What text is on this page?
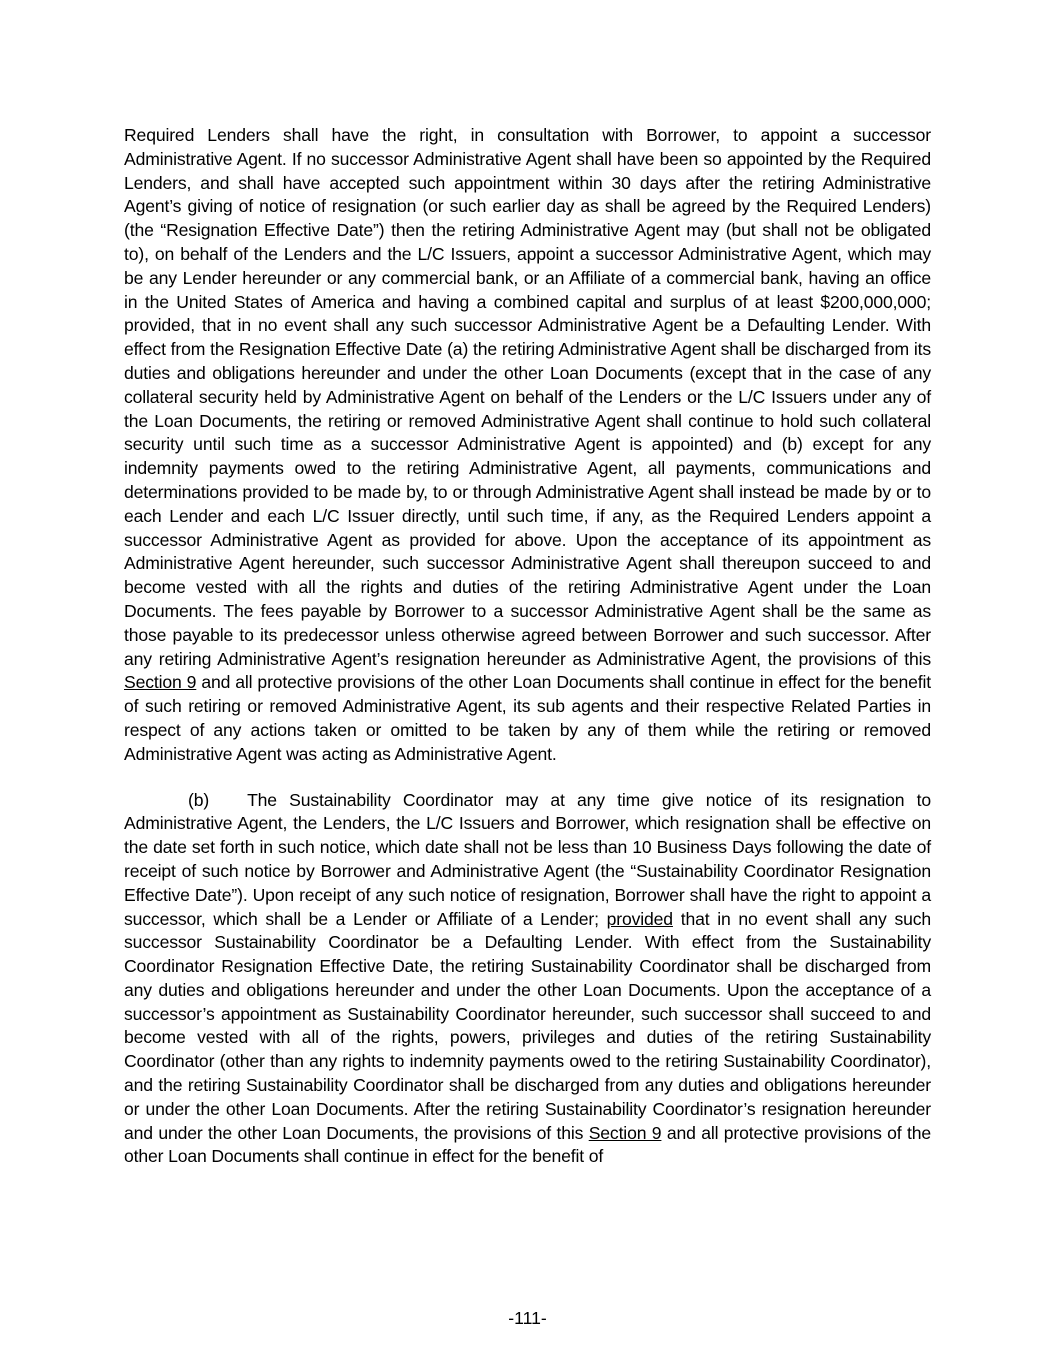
Required Lenders shall have the right, in consultation with Borrower, to appoint a successor Administrative Agent. If no successor Administrative Agent shall have been so appointed by the Required Lenders, and shall have accepted such appointment within 30 days after the retiring Administrative Agent’s giving of notice of resignation (or such earlier day as shall be agreed by the Required Lenders) (the “Resignation Effective Date”) then the retiring Administrative Agent may (but shall not be obligated to), on behalf of the Lenders and the L/C Issuers, appoint a successor Administrative Agent, which may be any Lender hereunder or any commercial bank, or an Affiliate of a commercial bank, having an office in the United States of America and having a combined capital and surplus of at least $200,000,000; provided, that in no event shall any such successor Administrative Agent be a Defaulting Lender. With effect from the Resignation Effective Date (a) the retiring Administrative Agent shall be discharged from its duties and obligations hereunder and under the other Loan Documents (except that in the case of any collateral security held by Administrative Agent on behalf of the Lenders or the L/C Issuers under any of the Loan Documents, the retiring or removed Administrative Agent shall continue to hold such collateral security until such time as a successor Administrative Agent is appointed) and (b) except for any indemnity payments owed to the retiring Administrative Agent, all payments, communications and determinations provided to be made by, to or through Administrative Agent shall instead be made by or to each Lender and each L/C Issuer directly, until such time, if any, as the Required Lenders appoint a successor Administrative Agent as provided for above. Upon the acceptance of its appointment as Administrative Agent hereunder, such successor Administrative Agent shall thereupon succeed to and become vested with all the rights and duties of the retiring Administrative Agent under the Loan Documents. The fees payable by Borrower to a successor Administrative Agent shall be the same as those payable to its predecessor unless otherwise agreed between Borrower and such successor. After any retiring Administrative Agent’s resignation hereunder as Administrative Agent, the provisions of this Section 9 and all protective provisions of the other Loan Documents shall continue in effect for the benefit of such retiring or removed Administrative Agent, its sub agents and their respective Related Parties in respect of any actions taken or omitted to be taken by any of them while the retiring or removed Administrative Agent was acting as Administrative Agent.

(b) The Sustainability Coordinator may at any time give notice of its resignation to Administrative Agent, the Lenders, the L/C Issuers and Borrower, which resignation shall be effective on the date set forth in such notice, which date shall not be less than 10 Business Days following the date of receipt of such notice by Borrower and Administrative Agent (the “Sustainability Coordinator Resignation Effective Date”). Upon receipt of any such notice of resignation, Borrower shall have the right to appoint a successor, which shall be a Lender or Affiliate of a Lender; provided that in no event shall any such successor Sustainability Coordinator be a Defaulting Lender. With effect from the Sustainability Coordinator Resignation Effective Date, the retiring Sustainability Coordinator shall be discharged from any duties and obligations hereunder and under the other Loan Documents. Upon the acceptance of a successor’s appointment as Sustainability Coordinator hereunder, such successor shall succeed to and become vested with all of the rights, powers, privileges and duties of the retiring Sustainability Coordinator (other than any rights to indemnity payments owed to the retiring Sustainability Coordinator), and the retiring Sustainability Coordinator shall be discharged from any duties and obligations hereunder or under the other Loan Documents. After the retiring Sustainability Coordinator’s resignation hereunder and under the other Loan Documents, the provisions of this Section 9 and all protective provisions of the other Loan Documents shall continue in effect for the benefit of

-111-
